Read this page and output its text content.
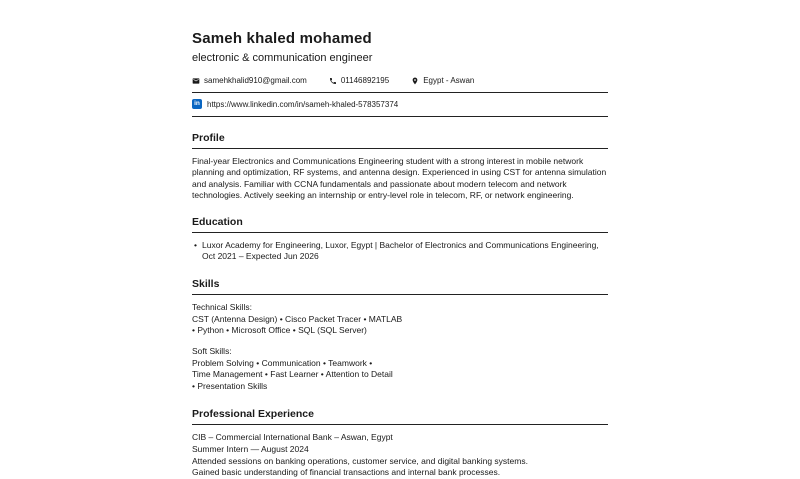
Sameh khaled mohamed
electronic & communication engineer
samehkhalid910@gmail.com	01146892195	Egypt - Aswan
in https://www.linkedin.com/in/sameh-khaled-578357374
Profile
Final-year Electronics and Communications Engineering student with a strong interest in mobile network planning and optimization, RF systems, and antenna design. Experienced in using CST for antenna simulation and analysis. Familiar with CCNA fundamentals and passionate about modern telecom and network technologies. Actively seeking an internship or entry-level role in telecom, RF, or network engineering.
Education
• Luxor Academy for Engineering, Luxor, Egypt | Bachelor of Electronics and Communications Engineering, Oct 2021 – Expected Jun 2026
Skills
Technical Skills:
CST (Antenna Design) • Cisco Packet Tracer • MATLAB
• Python • Microsoft Office • SQL (SQL Server)
Soft Skills:
Problem Solving • Communication • Teamwork •
Time Management • Fast Learner • Attention to Detail
• Presentation Skills
Professional Experience
CIB – Commercial International Bank – Aswan, Egypt
Summer Intern — August 2024
Attended sessions on banking operations, customer service, and digital banking systems.
Gained basic understanding of financial transactions and internal bank processes.
